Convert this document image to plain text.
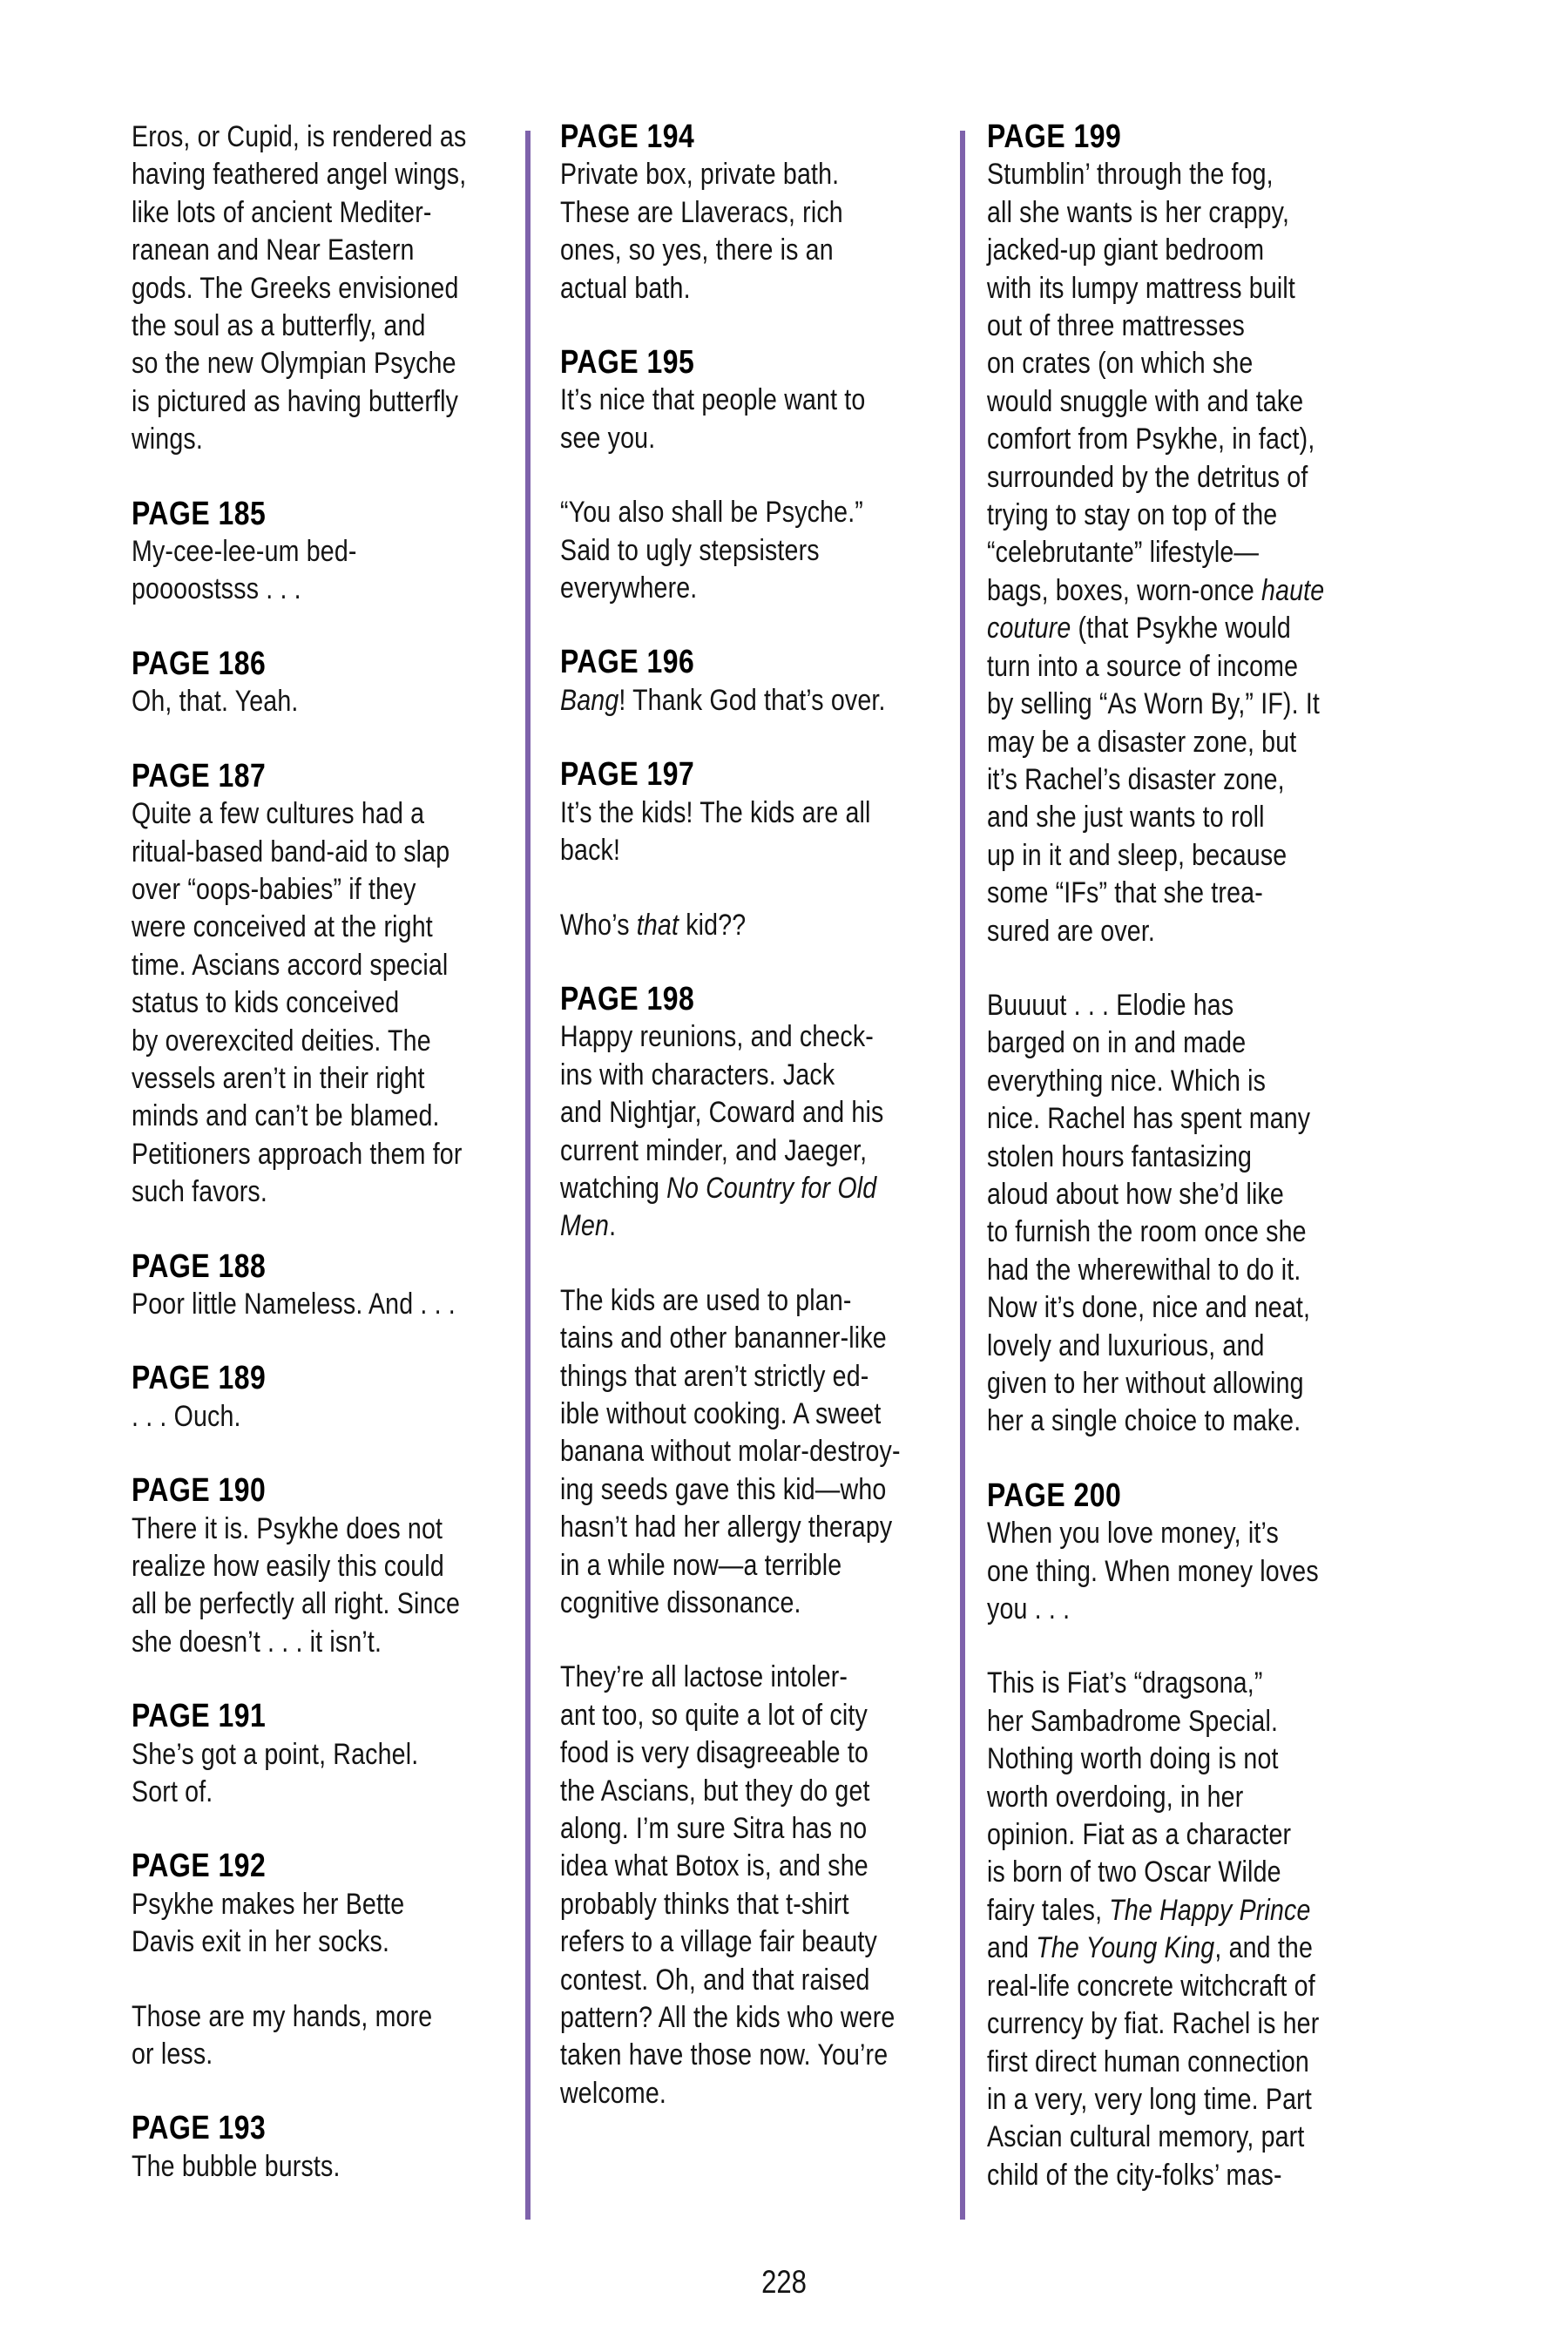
Eros, or Cupid, is rendered as
having feathered angel wings,
like lots of ancient Mediter-
ranean and Near Eastern
gods. The Greeks envisioned
the soul as a butterfly, and
so the new Olympian Psyche
is pictured as having butterfly
wings.
PAGE 185
My-cee-lee-um bed-
poooostsss . . .
PAGE 186
Oh, that. Yeah.
PAGE 187
Quite a few cultures had a
ritual-based band-aid to slap
over “oops-babies” if they
were conceived at the right
time. Ascians accord special
status to kids conceived
by overexcited deities. The
vessels aren’t in their right
minds and can’t be blamed.
Petitioners approach them for
such favors.
PAGE 188
Poor little Nameless. And . . .
PAGE 189
. . . Ouch.
PAGE 190
There it is. Psykhe does not
realize how easily this could
all be perfectly all right. Since
she doesn’t . . . it isn’t.
PAGE 191
She’s got a point, Rachel.
Sort of.
PAGE 192
Psykhe makes her Bette
Davis exit in her socks.
Those are my hands, more
or less.
PAGE 193
The bubble bursts.
PAGE 194
Private box, private bath.
These are Llaveracs, rich
ones, so yes, there is an
actual bath.
PAGE 195
It’s nice that people want to
see you.
“You also shall be Psyche.”
Said to ugly stepsisters
everywhere.
PAGE 196
Bang! Thank God that’s over.
PAGE 197
It’s the kids! The kids are all
back!
Who’s that kid??
PAGE 198
Happy reunions, and check-
ins with characters. Jack
and Nightjar, Coward and his
current minder, and Jaeger,
watching No Country for Old
Men.
The kids are used to plan-
tains and other bananner-like
things that aren’t strictly ed-
ible without cooking. A sweet
banana without molar-destroy-
ing seeds gave this kid—who
hasn’t had her allergy therapy
in a while now—a terrible
cognitive dissonance.
They’re all lactose intoler-
ant too, so quite a lot of city
food is very disagreeable to
the Ascians, but they do get
along. I’m sure Sitra has no
idea what Botox is, and she
probably thinks that t-shirt
refers to a village fair beauty
contest. Oh, and that raised
pattern? All the kids who were
taken have those now. You’re
welcome.
PAGE 199
Stumblin’ through the fog,
all she wants is her crappy,
jacked-up giant bedroom
with its lumpy mattress built
out of three mattresses
on crates (on which she
would snuggle with and take
comfort from Psykhe, in fact),
surrounded by the detritus of
trying to stay on top of the
“celebrutante” lifestyle—
bags, boxes, worn-once haute
couture (that Psykhe would
turn into a source of income
by selling “As Worn By,” IF). It
may be a disaster zone, but
it’s Rachel’s disaster zone,
and she just wants to roll
up in it and sleep, because
some “IFs” that she trea-
sured are over.
Buuuut . . . Elodie has
barged on in and made
everything nice. Which is
nice. Rachel has spent many
stolen hours fantasizing
aloud about how she’d like
to furnish the room once she
had the wherewithal to do it.
Now it’s done, nice and neat,
lovely and luxurious, and
given to her without allowing
her a single choice to make.
PAGE 200
When you love money, it’s
one thing. When money loves
you . . .
This is Fiat’s “dragsona,”
her Sambadrome Special.
Nothing worth doing is not
worth overdoing, in her
opinion. Fiat as a character
is born of two Oscar Wilde
fairy tales, The Happy Prince
and The Young King, and the
real-life concrete witchcraft of
currency by fiat. Rachel is her
first direct human connection
in a very, very long time. Part
Ascian cultural memory, part
child of the city-folks’ mas-
228
